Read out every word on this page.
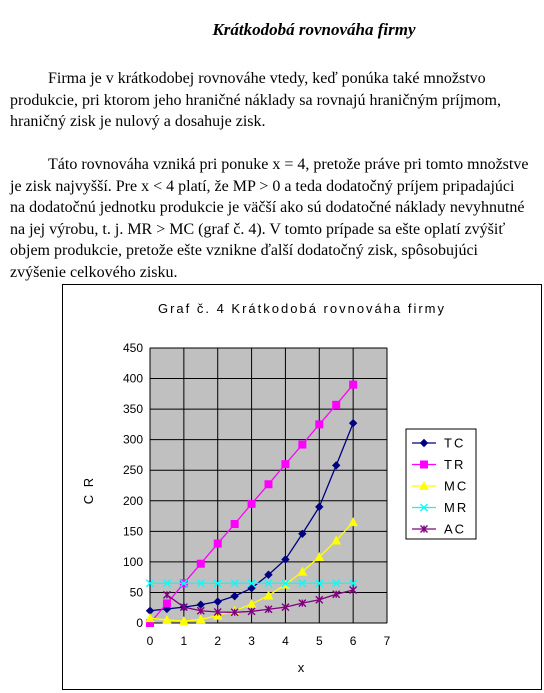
Krátkodobá rovnováha firmy
Firma je v krátkodobej rovnováhe vtedy, keď ponúka také množstvo
produkcie, pri ktorom jeho hraničné náklady sa rovnajú hraničným príjmom,
hraničný zisk je nulový a dosahuje zisk.
Táto rovnováha vzniká pri ponuke x = 4, pretože práve pri tomto množstve
je zisk najvyšší. Pre x < 4 platí, že MP > 0 a teda dodatočný príjem pripadajúci
na dodatočnú jednotku produkcie je väčší ako sú dodatočné náklady nevyhnutné
na jej výrobu, t. j. MR > MC (graf č. 4). V tomto prípade sa ešte oplatí zvýšiť
objem produkcie, pretože ešte vznikne ďalší dodatočný zisk, spôsobujúci
zvýšenie celkového zisku.
Graf č. 4 Krátkodobá rovnováha firmy
0
50
100
150
200
250
300
350
400
450
0 1 2 3 4 5 6 7
x
C R
TC
TR
MC
MR
AC
